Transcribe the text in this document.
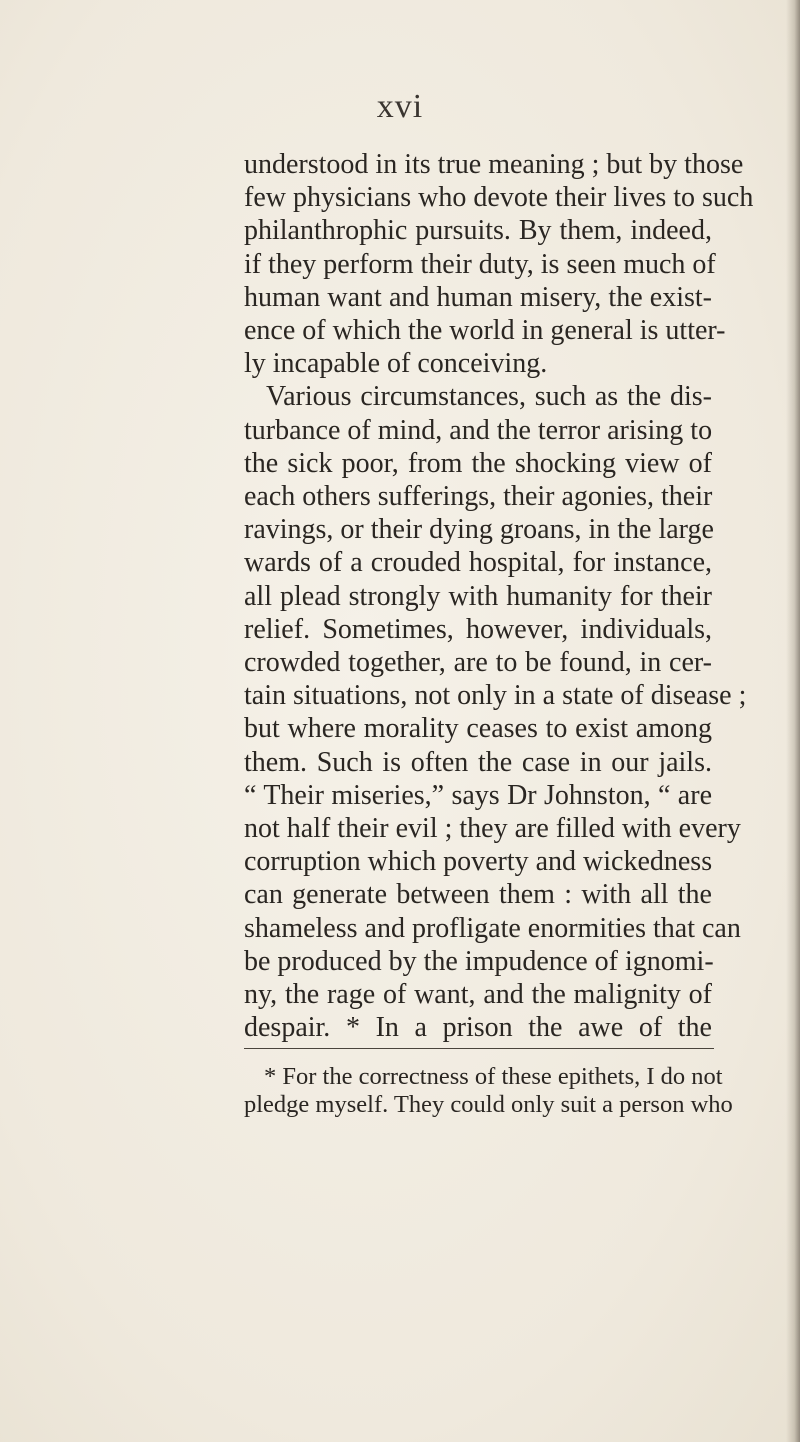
xvi
understood in its true meaning ; but by those
few physicians who devote their lives to such
philanthrophic pursuits. By them, indeed,
if they perform their duty, is seen much of
human want and human misery, the exist-
ence of which the world in general is utter-
ly incapable of conceiving.
Various circumstances, such as the dis-
turbance of mind, and the terror arising to
the sick poor, from the shocking view of
each others sufferings, their agonies, their
ravings, or their dying groans, in the large
wards of a crouded hospital, for instance,
all plead strongly with humanity for their
relief. Sometimes, however, individuals,
crowded together, are to be found, in cer-
tain situations, not only in a state of disease ;
but where morality ceases to exist among
them. Such is often the case in our jails.
“ Their miseries,” says Dr Johnston, “ are
not half their evil ; they are filled with every
corruption which poverty and wickedness
can generate between them : with all the
shameless and profligate enormities that can
be produced by the impudence of ignomi-
ny, the rage of want, and the malignity of
despair. * In a prison the awe of the
* For the correctness of these epithets, I do not
pledge myself. They could only suit a person who
